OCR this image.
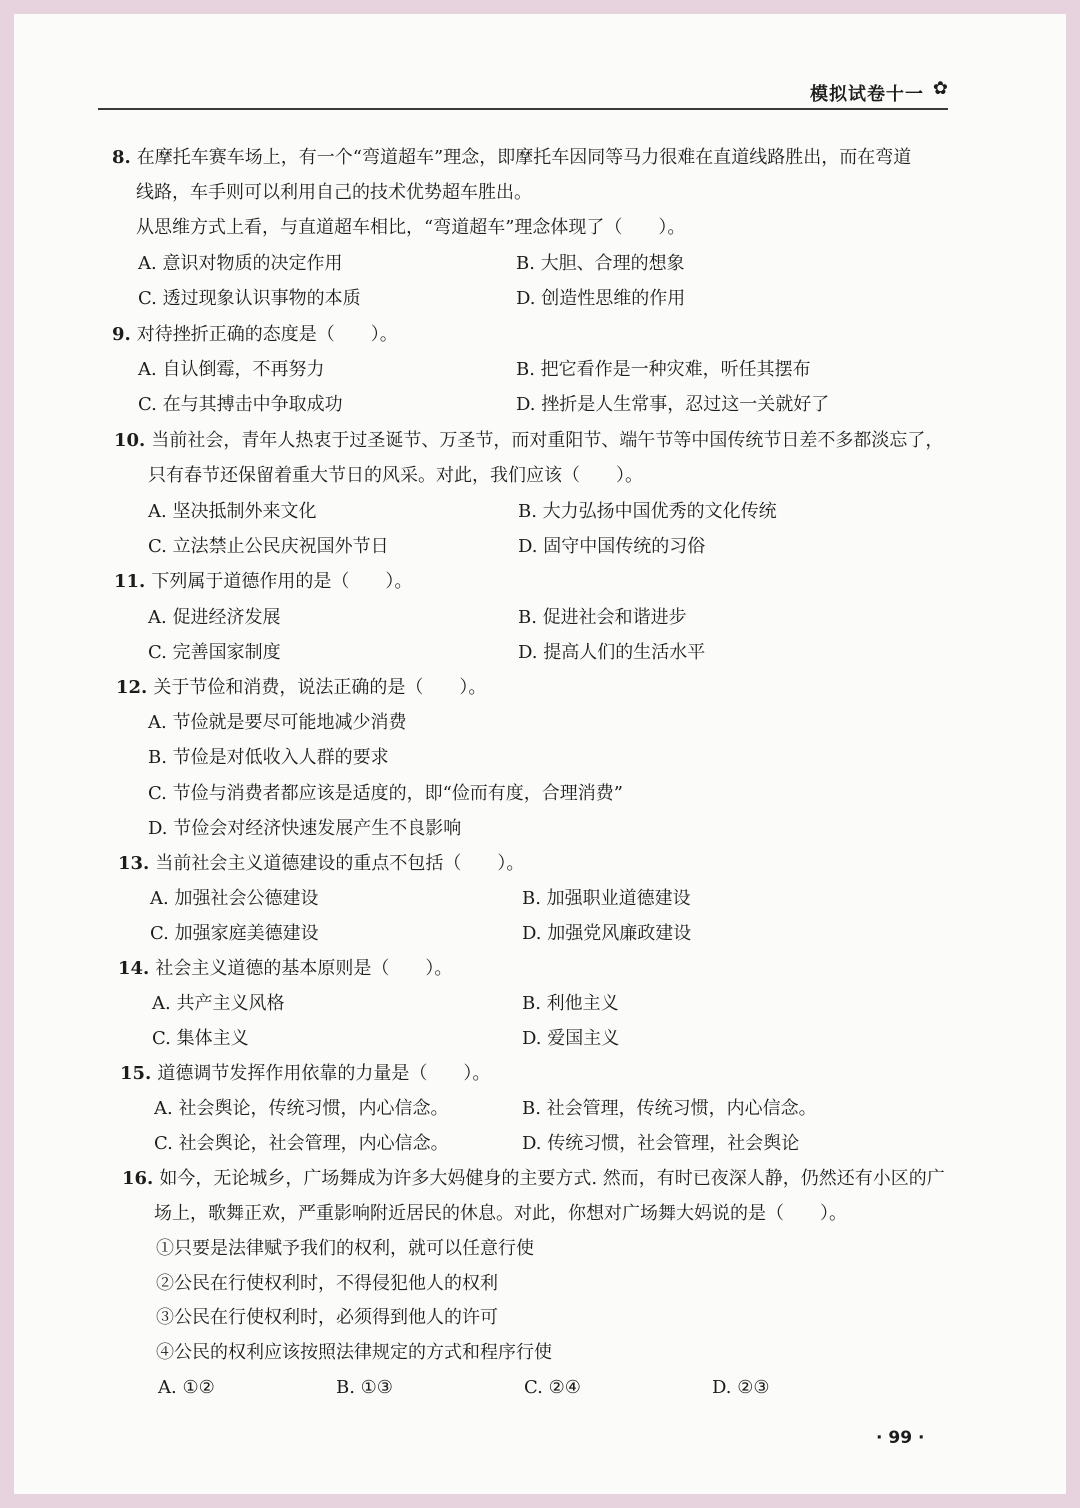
模拟试卷十一 ✿
8. 在摩托车赛车场上，有一个“弯道超车”理念，即摩托车因同等马力很难在直道线路胜出，而在弯道
线路，车手则可以利用自己的技术优势超车胜出。
从思维方式上看，与直道超车相比，“弯道超车”理念体现了（　　）。
A. 意识对物质的决定作用	B. 大胆、合理的想象
C. 透过现象认识事物的本质	D. 创造性思维的作用
9. 对待挫折正确的态度是（　　）。
A. 自认倒霉，不再努力	B. 把它看作是一种灾难，听任其摆布
C. 在与其搏击中争取成功	D. 挫折是人生常事，忍过这一关就好了
10. 当前社会，青年人热衷于过圣诞节、万圣节，而对重阳节、端午节等中国传统节日差不多都淡忘了，
只有春节还保留着重大节日的风采。对此，我们应该（　　）。
A. 坚决抵制外来文化	B. 大力弘扬中国优秀的文化传统
C. 立法禁止公民庆祝国外节日	D. 固守中国传统的习俗
11. 下列属于道德作用的是（　　）。
A. 促进经济发展	B. 促进社会和谐进步
C. 完善国家制度	D. 提高人们的生活水平
12. 关于节俭和消费，说法正确的是（　　）。
A. 节俭就是要尽可能地减少消费
B. 节俭是对低收入人群的要求
C. 节俭与消费者都应该是适度的，即“俭而有度，合理消费”
D. 节俭会对经济快速发展产生不良影响
13. 当前社会主义道德建设的重点不包括（　　）。
A. 加强社会公德建设	B. 加强职业道德建设
C. 加强家庭美德建设	D. 加强党风廉政建设
14. 社会主义道德的基本原则是（　　）。
A. 共产主义风格	B. 利他主义
C. 集体主义	D. 爱国主义
15. 道德调节发挥作用依靠的力量是（　　）。
A. 社会舆论，传统习惯，内心信念。	B. 社会管理，传统习惯，内心信念。
C. 社会舆论，社会管理，内心信念。	D. 传统习惯，社会管理，社会舆论
16. 如今，无论城乡，广场舞成为许多大妈健身的主要方式. 然而，有时已夜深人静，仍然还有小区的广
场上，歌舞正欢，严重影响附近居民的休息。对此，你想对广场舞大妈说的是（　　）。
①只要是法律赋予我们的权利，就可以任意行使
②公民在行使权利时，不得侵犯他人的权利
③公民在行使权利时，必须得到他人的许可
④公民的权利应该按照法律规定的方式和程序行使
A. ①②	B. ①③	C. ②④	D. ②③
· 99 ·
